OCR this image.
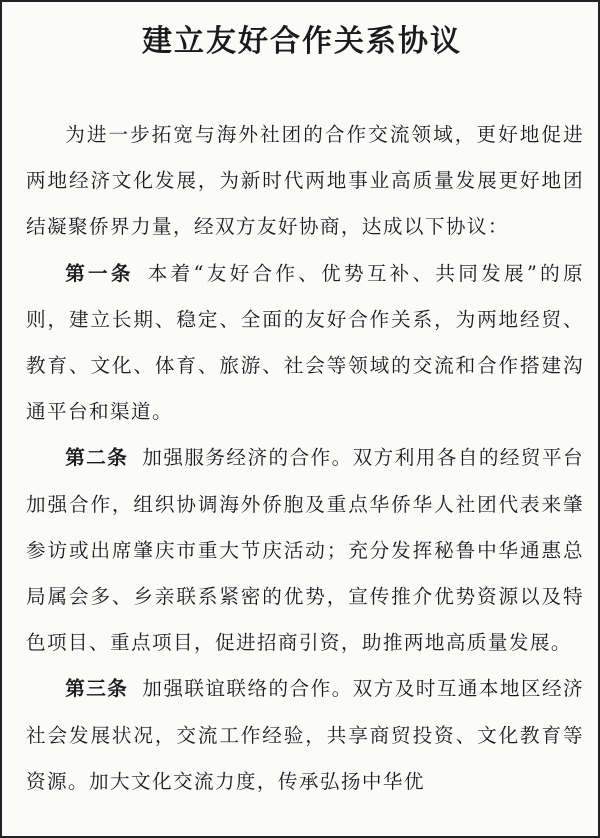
建立友好合作关系协议

为进一步拓宽与海外社团的合作交流领域，更好地促进两地经济文化发展，为新时代两地事业高质量发展更好地团结凝聚侨界力量，经双方友好协商，达成以下协议：

第一条 本着“友好合作、优势互补、共同发展”的原则，建立长期、稳定、全面的友好合作关系，为两地经贸、教育、文化、体育、旅游、社会等领域的交流和合作搭建沟通平台和渠道。

第二条 加强服务经济的合作。双方利用各自的经贸平台加强合作，组织协调海外侨胞及重点华侨华人社团代表来肇参访或出席肇庆市重大节庆活动；充分发挥秘鲁中华通惠总局属会多、乡亲联系紧密的优势，宣传推介优势资源以及特色项目、重点项目，促进招商引资，助推两地高质量发展。

第三条 加强联谊联络的合作。双方及时互通本地区经济社会发展状况，交流工作经验，共享商贸投资、文化教育等资源。加大文化交流力度，传承弘扬中华优
